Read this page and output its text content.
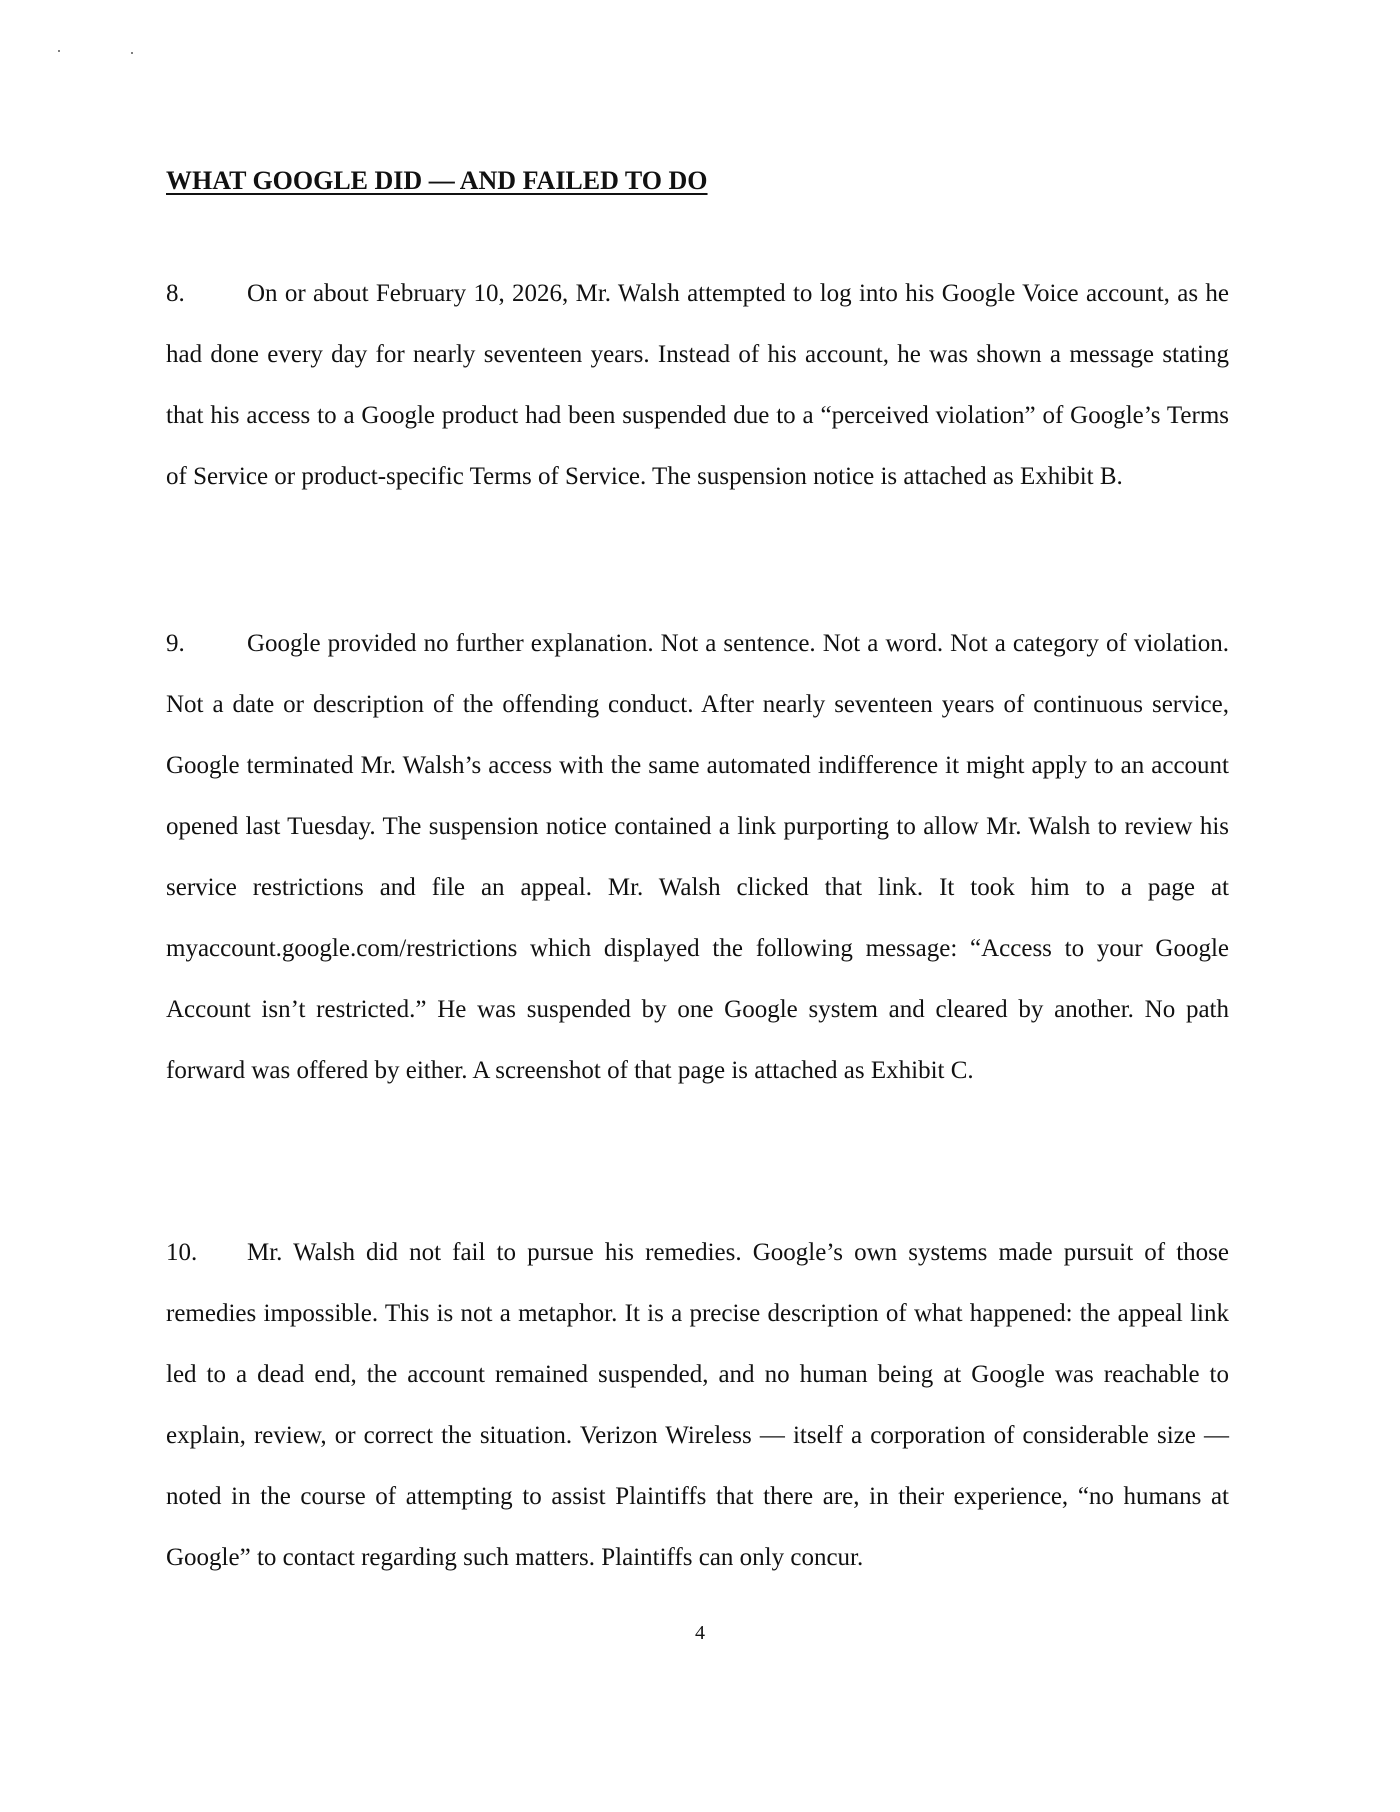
WHAT GOOGLE DID — AND FAILED TO DO

8. On or about February 10, 2026, Mr. Walsh attempted to log into his Google Voice account, as he had done every day for nearly seventeen years. Instead of his account, he was shown a message stating that his access to a Google product had been suspended due to a “perceived violation” of Google’s Terms of Service or product-specific Terms of Service. The suspension notice is attached as Exhibit B.

9. Google provided no further explanation. Not a sentence. Not a word. Not a category of violation. Not a date or description of the offending conduct. After nearly seventeen years of continuous service, Google terminated Mr. Walsh’s access with the same automated indifference it might apply to an account opened last Tuesday. The suspension notice contained a link purporting to allow Mr. Walsh to review his service restrictions and file an appeal. Mr. Walsh clicked that link. It took him to a page at myaccount.google.com/restrictions which displayed the following message: “Access to your Google Account isn’t restricted.” He was suspended by one Google system and cleared by another. No path forward was offered by either. A screenshot of that page is attached as Exhibit C.

10. Mr. Walsh did not fail to pursue his remedies. Google’s own systems made pursuit of those remedies impossible. This is not a metaphor. It is a precise description of what happened: the appeal link led to a dead end, the account remained suspended, and no human being at Google was reachable to explain, review, or correct the situation. Verizon Wireless — itself a corporation of considerable size — noted in the course of attempting to assist Plaintiffs that there are, in their experience, “no humans at Google” to contact regarding such matters. Plaintiffs can only concur.

4
